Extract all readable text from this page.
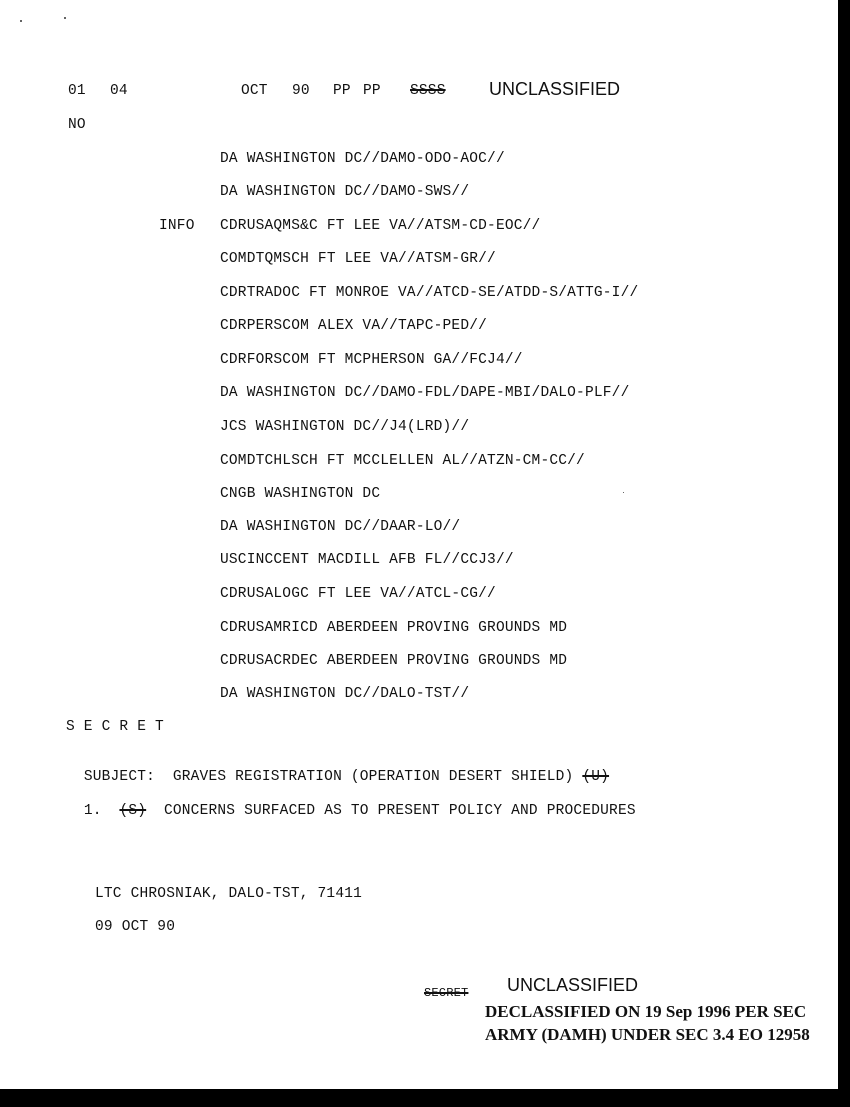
01 04	OCT 90 PP PP SSSS UNCLASSIFIED
NO
DA WASHINGTON DC//DAMO-ODO-AOC//
DA WASHINGTON DC//DAMO-SWS//
INFO CDRUSAQMS&C FT LEE VA//ATSM-CD-EOC//
COMDTQMSCH FT LEE VA//ATSM-GR//
CDRTRADOC FT MONROE VA//ATCD-SE/ATDD-S/ATTG-I//
CDRPERSCOM ALEX VA//TAPC-PED//
CDRFORSCOM FT MCPHERSON GA//FCJ4//
DA WASHINGTON DC//DAMO-FDL/DAPE-MBI/DALO-PLF//
JCS WASHINGTON DC//J4(LRD)//
COMDTCHLSCH FT MCCLELLEN AL//ATZN-CM-CC//
CNGB WASHINGTON DC
DA WASHINGTON DC//DAAR-LO//
USCINCCENT MACDILL AFB FL//CCJ3//
CDRUSALOGC FT LEE VA//ATCL-CG//
CDRUSAMRICD ABERDEEN PROVING GROUNDS MD
CDRUSACRDEC ABERDEEN PROVING GROUNDS MD
DA WASHINGTON DC//DALO-TST//
S E C R E T

SUBJECT: GRAVES REGISTRATION (OPERATION DESERT SHIELD) (U)

1. (S) CONCERNS SURFACED AS TO PRESENT POLICY AND PROCEDURES

LTC CHROSNIAK, DALO-TST, 71411
09 OCT 90
SECRET UNCLASSIFIED
DECLASSIFIED ON 19 Sep 1996 PER SEC
ARMY (DAMH) UNDER SEC 3.4 EO 12958
